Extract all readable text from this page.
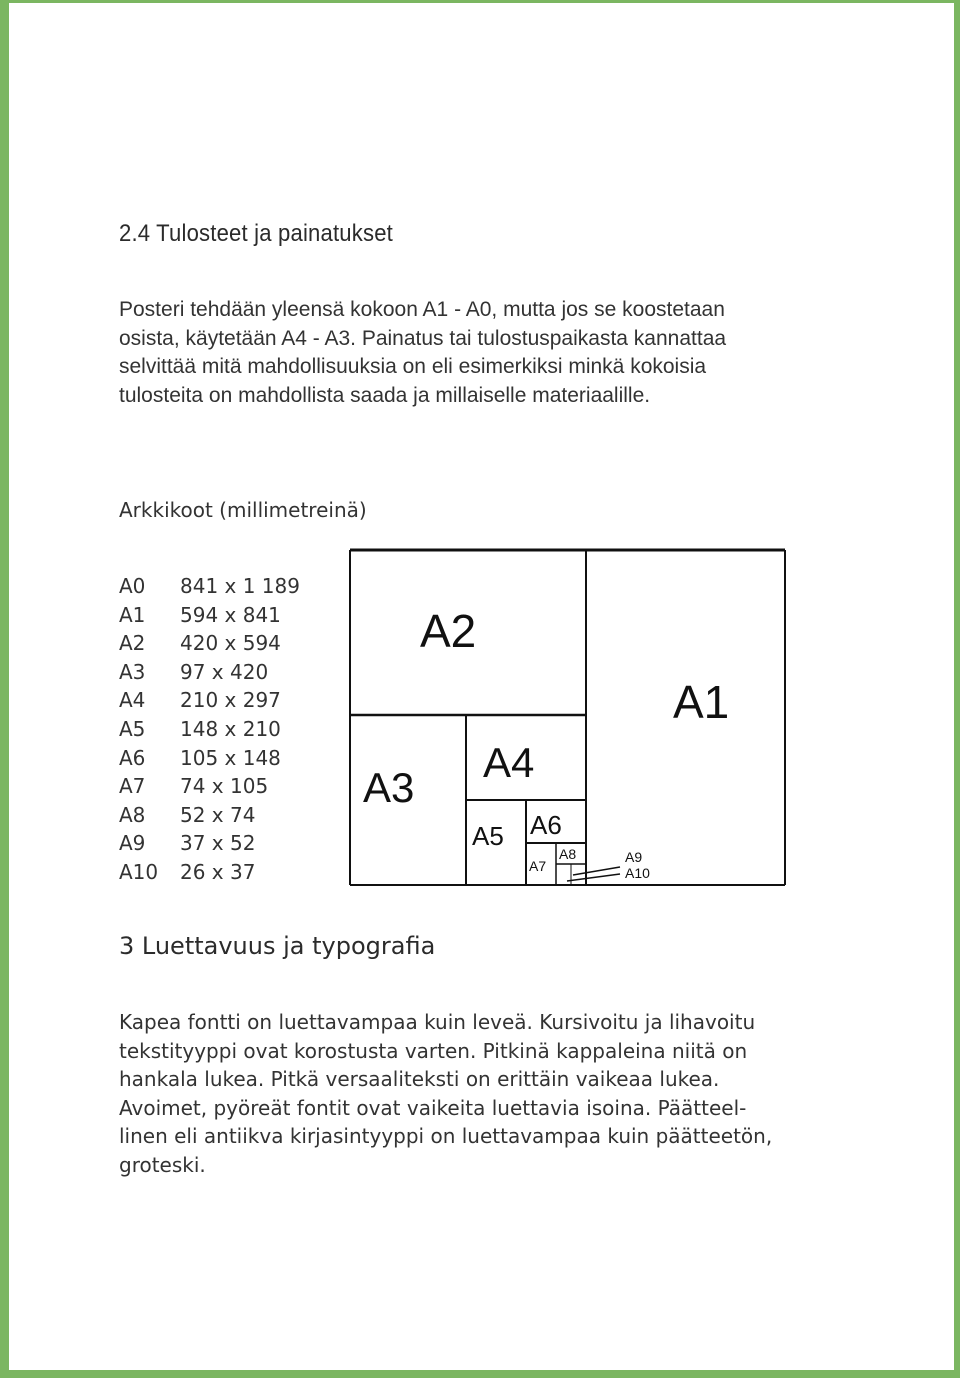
2.4 Tulosteet ja painatukset
Posteri tehdään yleensä kokoon A1 - A0, mutta jos se koostetaan
osista, käytetään A4 - A3. Painatus tai tulostuspaikasta kannattaa
selvittää mitä mahdollisuuksia on eli esimerkiksi minkä kokoisia
tulosteita on mahdollista saada ja millaiselle materiaalille.
Arkkikoot (millimetreinä)
A0 841 x 1 189
A1 594 x 841
A2 420 x 594
A3 97 x 420
A4 210 x 297
A5 148 x 210
A6 105 x 148
A7 74 x 105
A8 52 x 74
A9 37 x 52
A10 26 x 37
A2
A1
A3
A4
A5 A6
A7
A8	A9
A10
3 Luettavuus ja typografia
Kapea fontti on luettavampaa kuin leveä. Kursivoitu ja lihavoitu
tekstityyppi ovat korostusta varten. Pitkinä kappaleina niitä on
hankala lukea. Pitkä versaaliteksti on erittäin vaikeaa lukea.
Avoimet, pyöreät fontit ovat vaikeita luettavia isoina. Päätteel-
linen eli antiikva kirjasintyyppi on luettavampaa kuin päätteetön,
groteski.
